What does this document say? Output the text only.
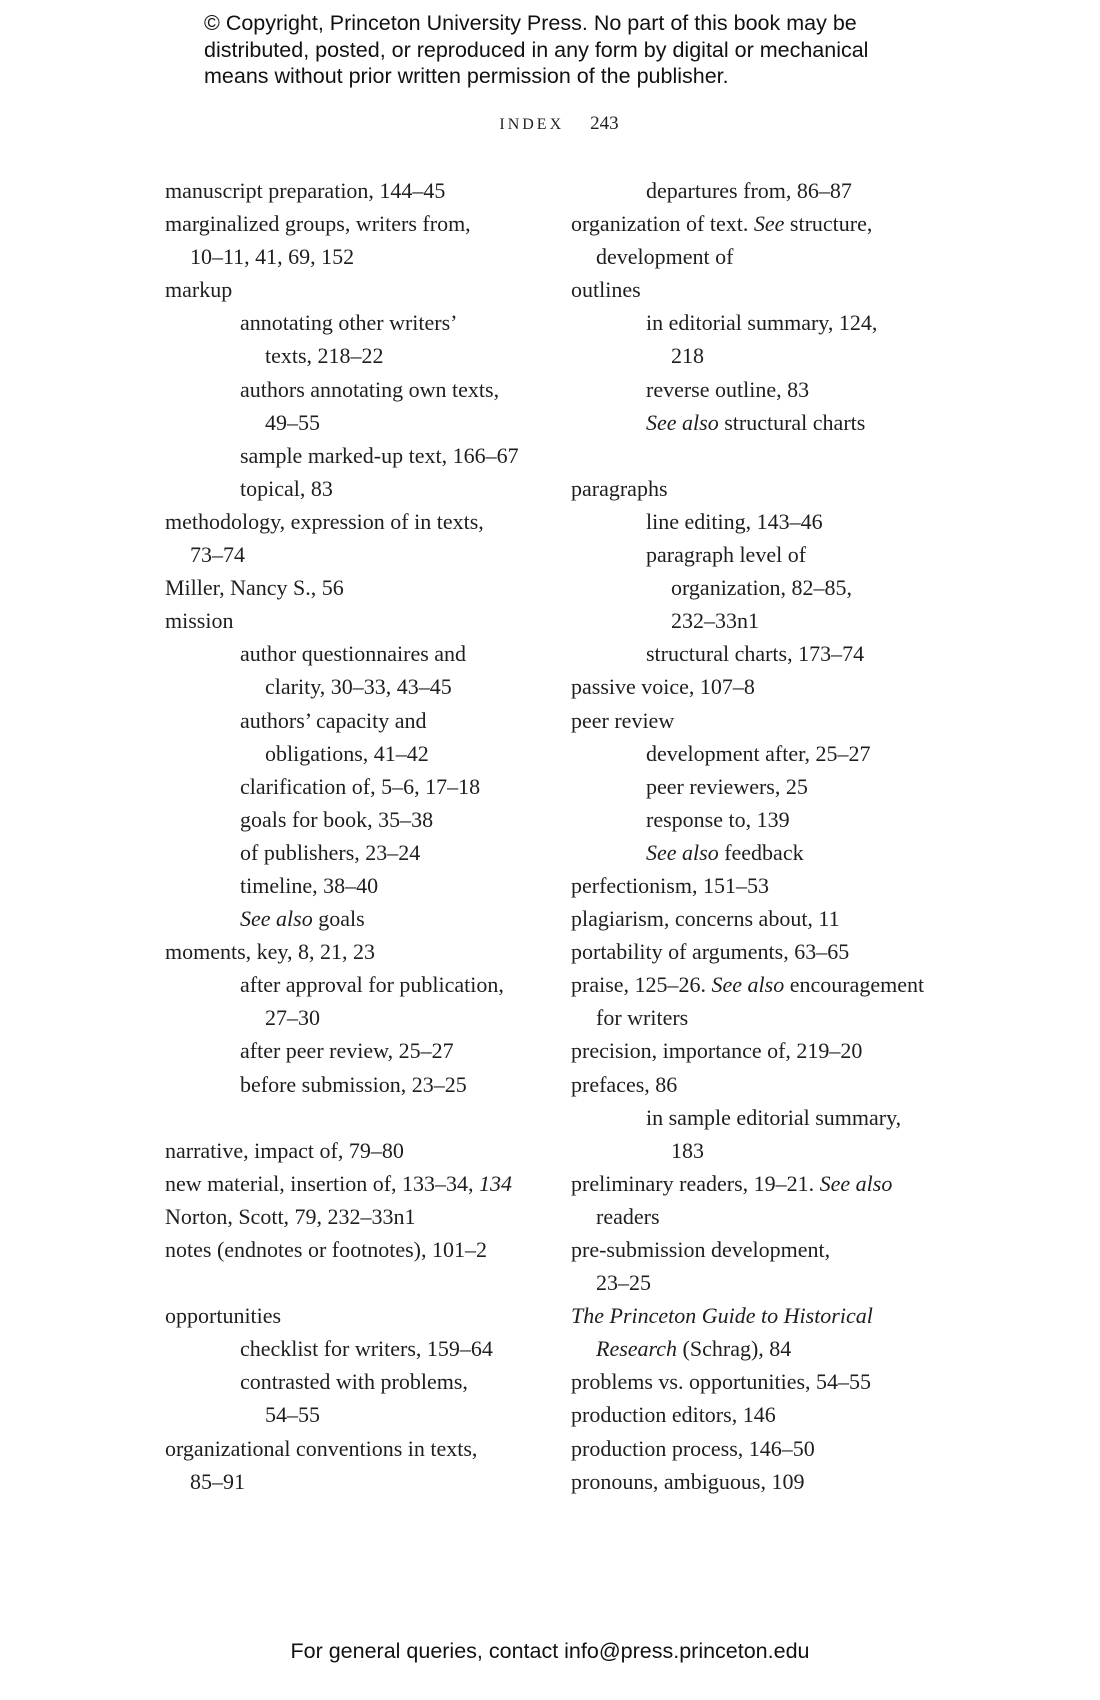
© Copyright, Princeton University Press. No part of this book may be
distributed, posted, or reproduced in any form by digital or mechanical
means without prior written permission of the publisher.
INDEX 243
manuscript preparation, 144–45
marginalized groups, writers from,
10–11, 41, 69, 152
markup
annotating other writers’
texts, 218–22
authors annotating own texts,
49–55
sample marked-up text, 166–67
topical, 83
methodology, expression of in texts,
73–74
Miller, Nancy S., 56
mission
author questionnaires and
clarity, 30–33, 43–45
authors’ capacity and
obligations, 41–42
clarification of, 5–6, 17–18
goals for book, 35–38
of publishers, 23–24
timeline, 38–40
See also goals
moments, key, 8, 21, 23
after approval for publication,
27–30
after peer review, 25–27
before submission, 23–25
narrative, impact of, 79–80
new material, insertion of, 133–34, 134
Norton, Scott, 79, 232–33n1
notes (endnotes or footnotes), 101–2
opportunities
checklist for writers, 159–64
contrasted with problems,
54–55
organizational conventions in texts,
85–91
departures from, 86–87
organization of text. See structure,
development of
outlines
in editorial summary, 124,
218
reverse outline, 83
See also structural charts
paragraphs
line editing, 143–46
paragraph level of
organization, 82–85,
232–33n1
structural charts, 173–74
passive voice, 107–8
peer review
development after, 25–27
peer reviewers, 25
response to, 139
See also feedback
perfectionism, 151–53
plagiarism, concerns about, 11
portability of arguments, 63–65
praise, 125–26. See also encouragement
for writers
precision, importance of, 219–20
prefaces, 86
in sample editorial summary,
183
preliminary readers, 19–21. See also
readers
pre-submission development,
23–25
The Princeton Guide to Historical
Research (Schrag), 84
problems vs. opportunities, 54–55
production editors, 146
production process, 146–50
pronouns, ambiguous, 109
For general queries, contact info@press.princeton.edu
